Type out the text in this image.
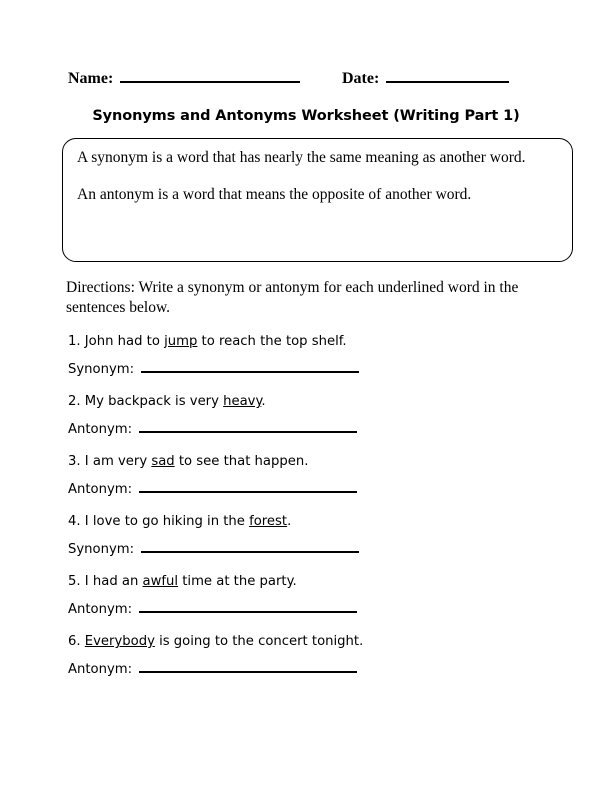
Name:	Date:
Synonyms and Antonyms Worksheet (Writing Part 1)

A synonym is a word that has nearly the same meaning as another word.

An antonym is a word that means the opposite of another word.

Directions: Write a synonym or antonym for each underlined word in the sentences below.
1. John had to jump to reach the top shelf.
Synonym:
2. My backpack is very heavy.
Antonym:
3. I am very sad to see that happen.
Antonym:
4. I love to go hiking in the forest.
Synonym:
5. I had an awful time at the party.
Antonym:
6. Everybody is going to the concert tonight.
Antonym:
